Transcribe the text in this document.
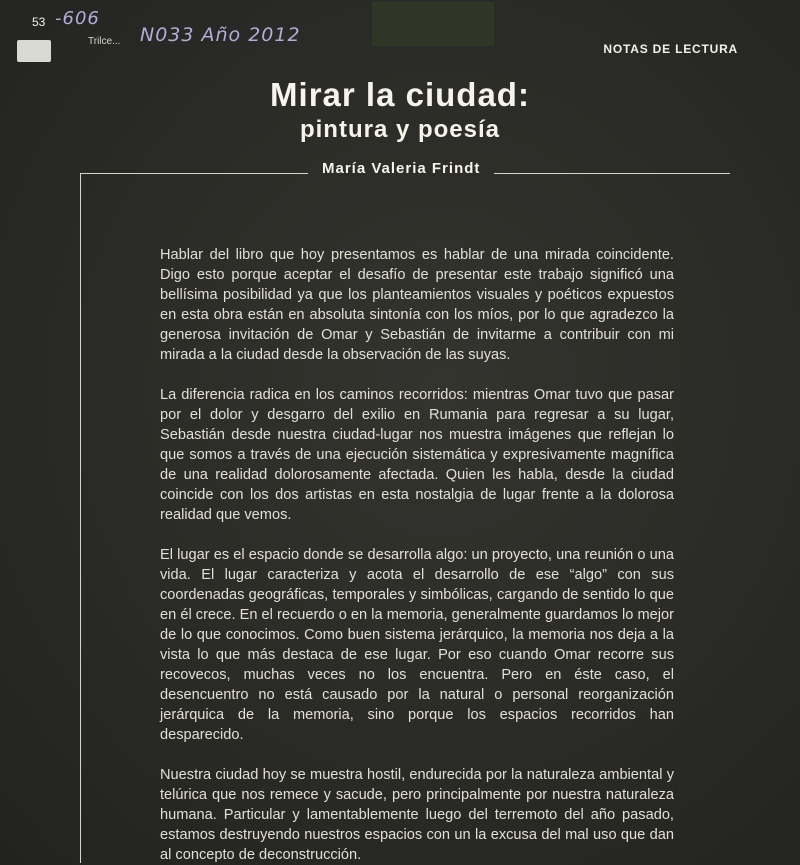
53 -606
N033 Año 2012
Trilce...
NOTAS DE LECTURA
Mirar la ciudad:
pintura y poesía
María Valeria Frindt

Hablar del libro que hoy presentamos es hablar de una mirada coincidente. Digo esto porque aceptar el desafío de presentar este trabajo significó una bellísima posibilidad ya que los planteamientos visuales y poéticos expuestos en esta obra están en absoluta sintonía con los míos, por lo que agradezco la generosa invitación de Omar y Sebastián de invitarme a contribuir con mi mirada a la ciudad desde la observación de las suyas.

La diferencia radica en los caminos recorridos: mientras Omar tuvo que pasar por el dolor y desgarro del exilio en Rumania para regresar a su lugar, Sebastián desde nuestra ciudad-lugar nos muestra imágenes que reflejan lo que somos a través de una ejecución sistemática y expresivamente magnífica de una realidad dolorosamente afectada. Quien les habla, desde la ciudad coincide con los dos artistas en esta nostalgia de lugar frente a la dolorosa realidad que vemos.

El lugar es el espacio donde se desarrolla algo: un proyecto, una reunión o una vida. El lugar caracteriza y acota el desarrollo de ese “algo” con sus coordenadas geográficas, temporales y simbólicas, cargando de sentido lo que en él crece. En el recuerdo o en la memoria, generalmente guardamos lo mejor de lo que conocimos. Como buen sistema jerárquico, la memoria nos deja a la vista lo que más destaca de ese lugar. Por eso cuando Omar recorre sus recovecos, muchas veces no los encuentra. Pero en éste caso, el desencuentro no está causado por la natural o personal reorganización jerárquica de la memoria, sino porque los espacios recorridos han desparecido.

Nuestra ciudad hoy se muestra hostil, endurecida por la naturaleza ambiental y telúrica que nos remece y sacude, pero principalmente por nuestra naturaleza humana. Particular y lamentablemente luego del terremoto del año pasado, estamos destruyendo nuestros espacios con un la excusa del mal uso que dan al concepto de deconstrucción.
